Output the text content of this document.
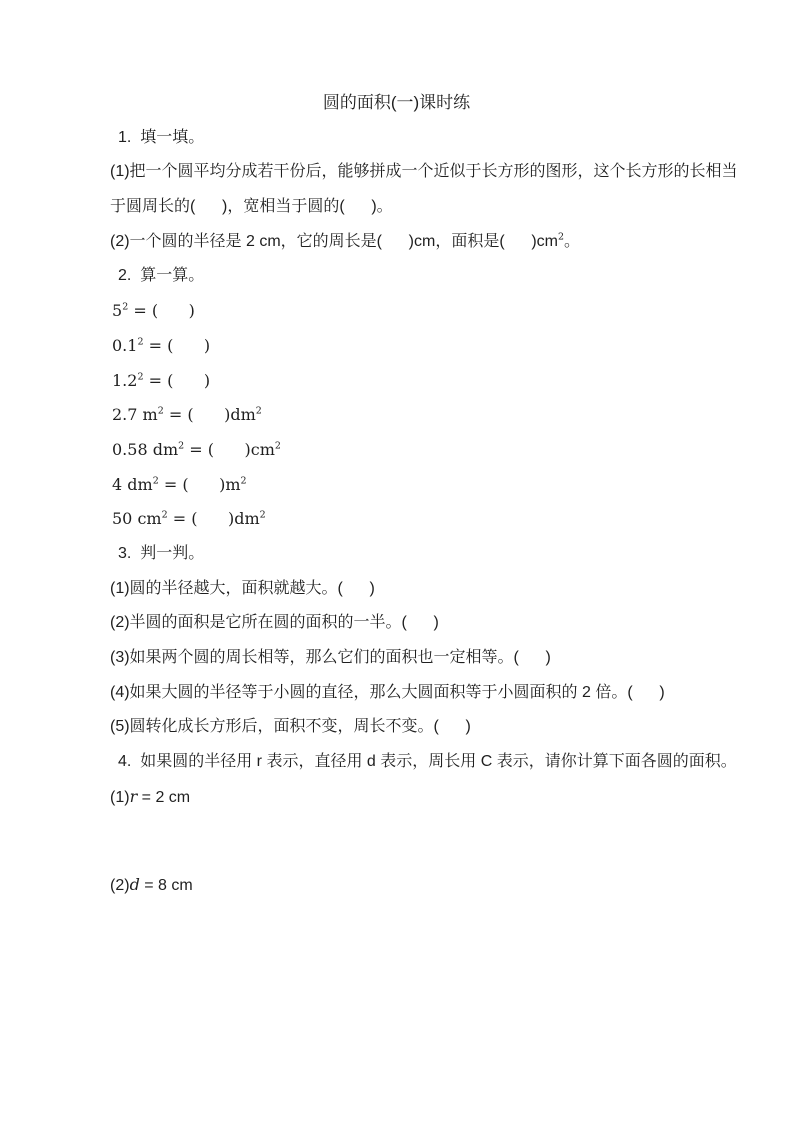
圆的面积(一)课时练
1.  填一填。
(1)把一个圆平均分成若干份后，能够拼成一个近似于长方形的图形，这个长方形的长相当
于圆周长的(      )，宽相当于圆的(      )。
(2)一个圆的半径是 2 cm，它的周长是(      )cm，面积是(      )$cm^2$。
2.  算一算。
$5^2$ = (      )
$0.1^2$ = (      )
$1.2^2$ = (      )
2.7 $m^2$ = (      )$dm^2$
0.58 $dm^2$ = (      )$cm^2$
4 $dm^2$ = (      )$m^2$
50 $cm^2$ = (      )$dm^2$
3.  判一判。
(1)圆的半径越大，面积就越大。(      )
(2)半圆的面积是它所在圆的面积的一半。(      )
(3)如果两个圆的周长相等，那么它们的面积也一定相等。(      )
(4)如果大圆的半径等于小圆的直径，那么大圆面积等于小圆面积的 2 倍。(      )
(5)圆转化成长方形后，面积不变，周长不变。(      )
4.  如果圆的半径用 r 表示，直径用 d 表示，周长用 C 表示，请你计算下面各圆的面积。
(1)r = 2 cm
(2)d = 8 cm
